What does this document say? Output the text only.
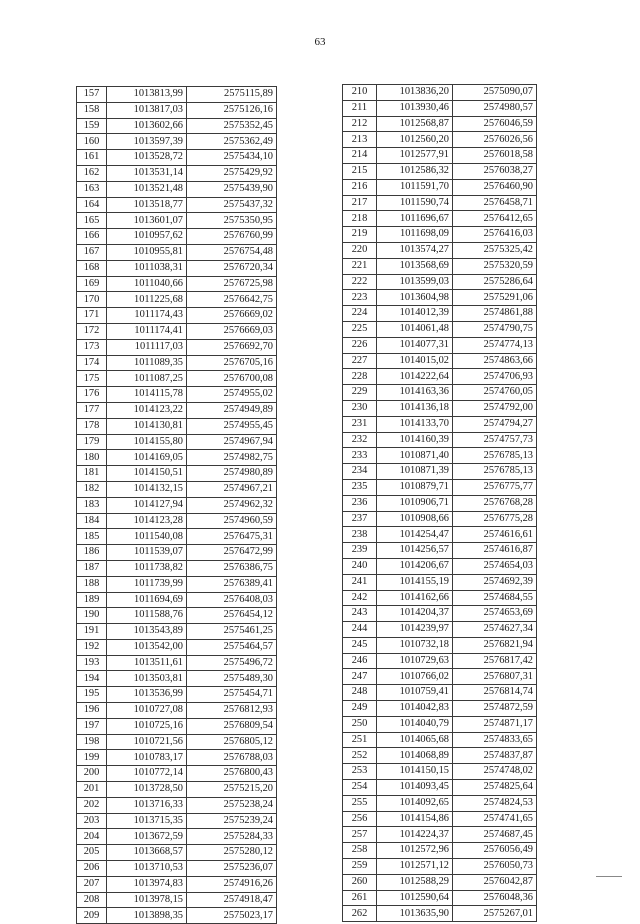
63
157	1013813,99	2575115,89
158	1013817,03	2575126,16
159	1013602,66	2575352,45
160	1013597,39	2575362,49
161	1013528,72	2575434,10
162	1013531,14	2575429,92
163	1013521,48	2575439,90
164	1013518,77	2575437,32
165	1013601,07	2575350,95
166	1010957,62	2576760,99
167	1010955,81	2576754,48
168	1011038,31	2576720,34
169	1011040,66	2576725,98
170	1011225,68	2576642,75
171	1011174,43	2576669,02
172	1011174,41	2576669,03
173	1011117,03	2576692,70
174	1011089,35	2576705,16
175	1011087,25	2576700,08
176	1014115,78	2574955,02
177	1014123,22	2574949,89
178	1014130,81	2574955,45
179	1014155,80	2574967,94
180	1014169,05	2574982,75
181	1014150,51	2574980,89
182	1014132,15	2574967,21
183	1014127,94	2574962,32
184	1014123,28	2574960,59
185	1011540,08	2576475,31
186	1011539,07	2576472,99
187	1011738,82	2576386,75
188	1011739,99	2576389,41
189	1011694,69	2576408,03
190	1011588,76	2576454,12
191	1013543,89	2575461,25
192	1013542,00	2575464,57
193	1013511,61	2575496,72
194	1013503,81	2575489,30
195	1013536,99	2575454,71
196	1010727,08	2576812,93
197	1010725,16	2576809,54
198	1010721,56	2576805,12
199	1010783,17	2576788,03
200	1010772,14	2576800,43
201	1013728,50	2575215,20
202	1013716,33	2575238,24
203	1013715,35	2575239,24
204	1013672,59	2575284,33
205	1013668,57	2575280,12
206	1013710,53	2575236,07
207	1013974,83	2574916,26
208	1013978,15	2574918,47
209	1013898,35	2575023,17
210	1013836,20	2575090,07
211	1013930,46	2574980,57
212	1012568,87	2576046,59
213	1012560,20	2576026,56
214	1012577,91	2576018,58
215	1012586,32	2576038,27
216	1011591,70	2576460,90
217	1011590,74	2576458,71
218	1011696,67	2576412,65
219	1011698,09	2576416,03
220	1013574,27	2575325,42
221	1013568,69	2575320,59
222	1013599,03	2575286,64
223	1013604,98	2575291,06
224	1014012,39	2574861,88
225	1014061,48	2574790,75
226	1014077,31	2574774,13
227	1014015,02	2574863,66
228	1014222,64	2574706,93
229	1014163,36	2574760,05
230	1014136,18	2574792,00
231	1014133,70	2574794,27
232	1014160,39	2574757,73
233	1010871,40	2576785,13
234	1010871,39	2576785,13
235	1010879,71	2576775,77
236	1010906,71	2576768,28
237	1010908,66	2576775,28
238	1014254,47	2574616,61
239	1014256,57	2574616,87
240	1014206,67	2574654,03
241	1014155,19	2574692,39
242	1014162,66	2574684,55
243	1014204,37	2574653,69
244	1014239,97	2574627,34
245	1010732,18	2576821,94
246	1010729,63	2576817,42
247	1010766,02	2576807,31
248	1010759,41	2576814,74
249	1014042,83	2574872,59
250	1014040,79	2574871,17
251	1014065,68	2574833,65
252	1014068,89	2574837,87
253	1014150,15	2574748,02
254	1014093,45	2574825,64
255	1014092,65	2574824,53
256	1014154,86	2574741,65
257	1014224,37	2574687,45
258	1012572,96	2576056,49
259	1012571,12	2576050,73
260	1012588,29	2576042,87
261	1012590,64	2576048,36
262	1013635,90	2575267,01
